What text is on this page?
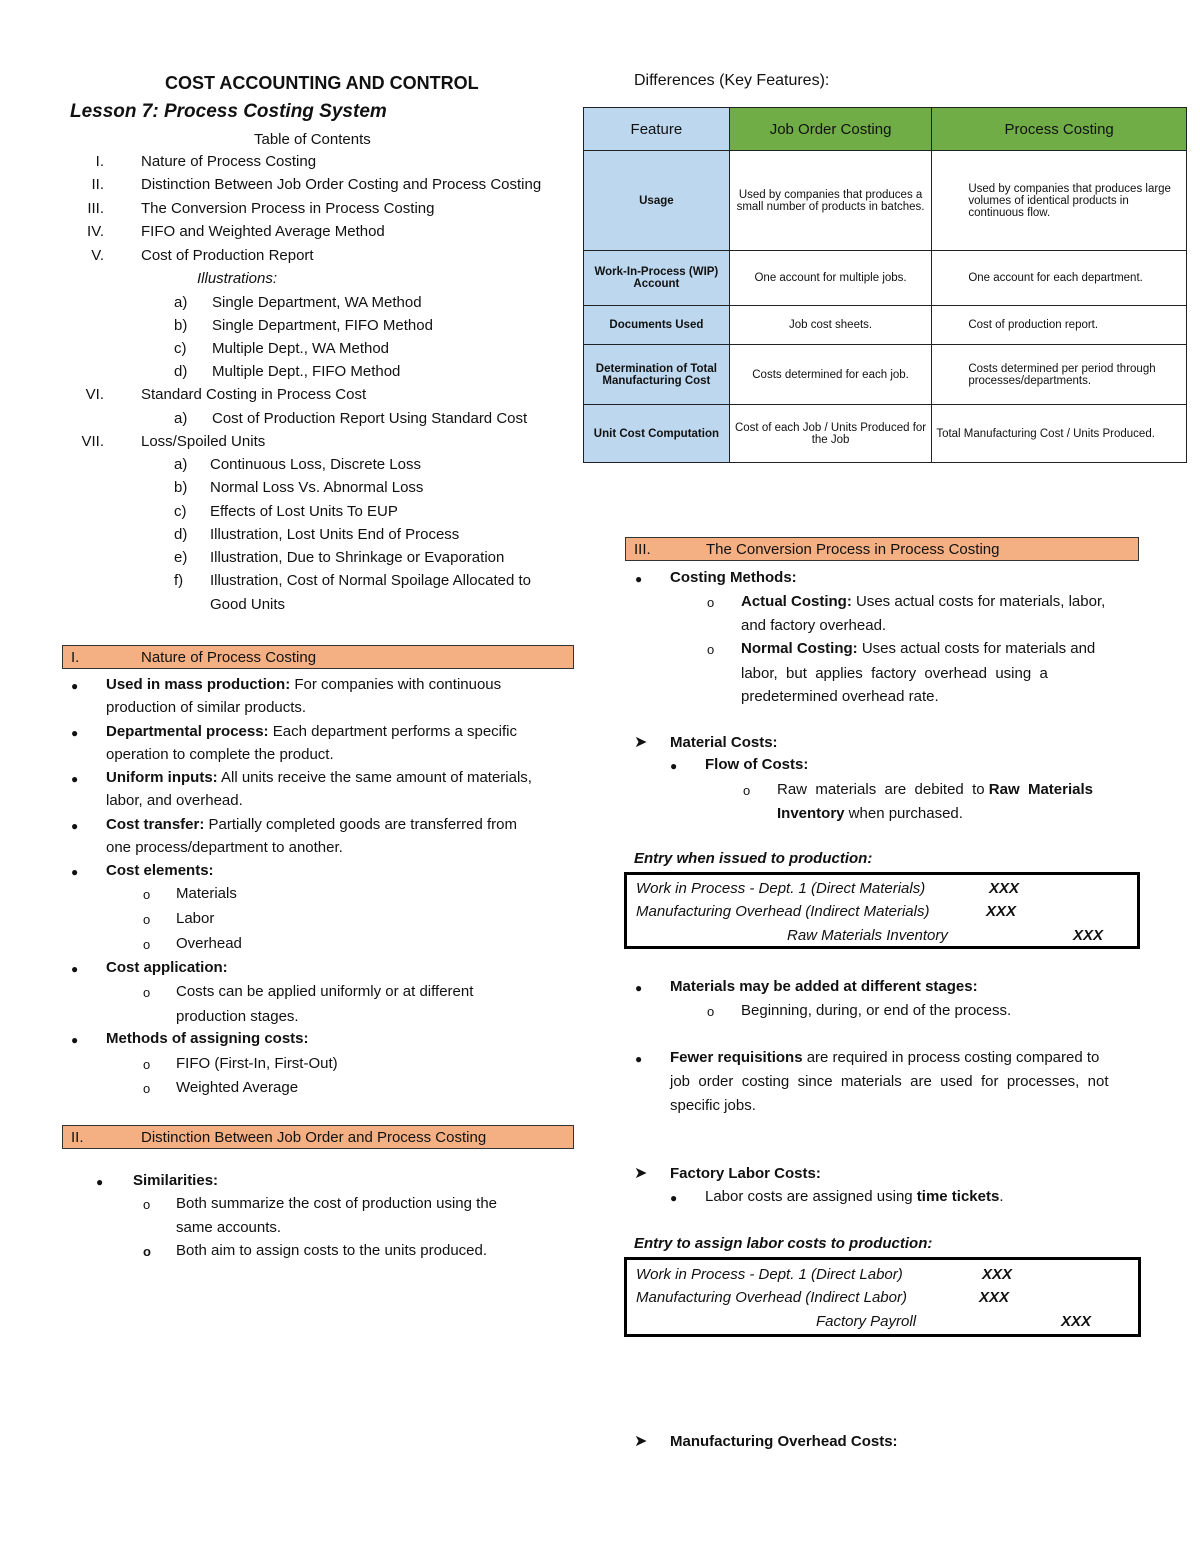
COST ACCOUNTING AND CONTROL
Lesson 7: Process Costing System
Table of Contents
I. Nature of Process Costing
II. Distinction Between Job Order Costing and Process Costing
III. The Conversion Process in Process Costing
IV. FIFO and Weighted Average Method
V. Cost of Production Report
Illustrations:
a)	Single Department, WA Method
b)	Single Department, FIFO Method
c)	Multiple Dept., WA Method
d)	Multiple Dept., FIFO Method
VI. Standard Costing in Process Cost
a)	Cost of Production Report Using Standard Cost
VII. Loss/Spoiled Units
a)	Continuous Loss, Discrete Loss
b)	Normal Loss Vs. Abnormal Loss
c)	Effects of Lost Units To EUP
d)	Illustration, Lost Units End of Process
e)	Illustration, Due to Shrinkage or Evaporation
f)	Illustration, Cost of Normal Spoilage Allocated to
Good Units
I.	Nature of Process Costing
● Used in mass production: For companies with continuous
production of similar products.
● Departmental process: Each department performs a specific
operation to complete the product.
● Uniform inputs: All units receive the same amount of materials,
labor, and overhead.
● Cost transfer: Partially completed goods are transferred from
one process/department to another.
● Cost elements:
o Materials
o Labor
o Overhead
● Cost application:
o Costs can be applied uniformly or at different
production stages.
● Methods of assigning costs:
o FIFO (First-In, First-Out)
o Weighted Average
II.	Distinction Between Job Order and Process Costing
● Similarities:
o Both summarize the cost of production using the
same accounts.
o Both aim to assign costs to the units produced.
Differences (Key Features):
Feature	Job Order Costing	Process Costing
Usage	Used by companies that produces a small number of products in batches.	Used by companies that produces large volumes of identical products in continuous flow.
Work-In-Process (WIP) Account	One account for multiple jobs.	One account for each department.
Documents Used	Job cost sheets.	Cost of production report.
Determination of Total Manufacturing Cost	Costs determined for each job.	Costs determined per period through processes/departments.
Unit Cost Computation	Cost of each Job / Units Produced for the Job	Total Manufacturing Cost / Units Produced.
III.	The Conversion Process in Process Costing
● Costing Methods:
o Actual Costing: Uses actual costs for materials, labor,
and factory overhead.
o Normal Costing: Uses actual costs for materials and
labor,  but  applies  factory  overhead  using  a
predetermined overhead rate.
➤ Material Costs:
● Flow of Costs:
o Raw  materials  are  debited  to Raw  Materials
Inventory when purchased.
Entry when issued to production:
Work in Process - Dept. 1 (Direct Materials)	XXX
Manufacturing Overhead (Indirect Materials)	XXX
Raw Materials Inventory	XXX
● Materials may be added at different stages:
o Beginning, during, or end of the process.
● Fewer requisitions are required in process costing compared to
job  order  costing  since  materials  are  used  for  processes,  not
specific jobs.
➤ Factory Labor Costs:
● Labor costs are assigned using time tickets.
Entry to assign labor costs to production:
Work in Process - Dept. 1 (Direct Labor)	XXX
Manufacturing Overhead (Indirect Labor)	XXX
Factory Payroll	XXX
➤ Manufacturing Overhead Costs:
